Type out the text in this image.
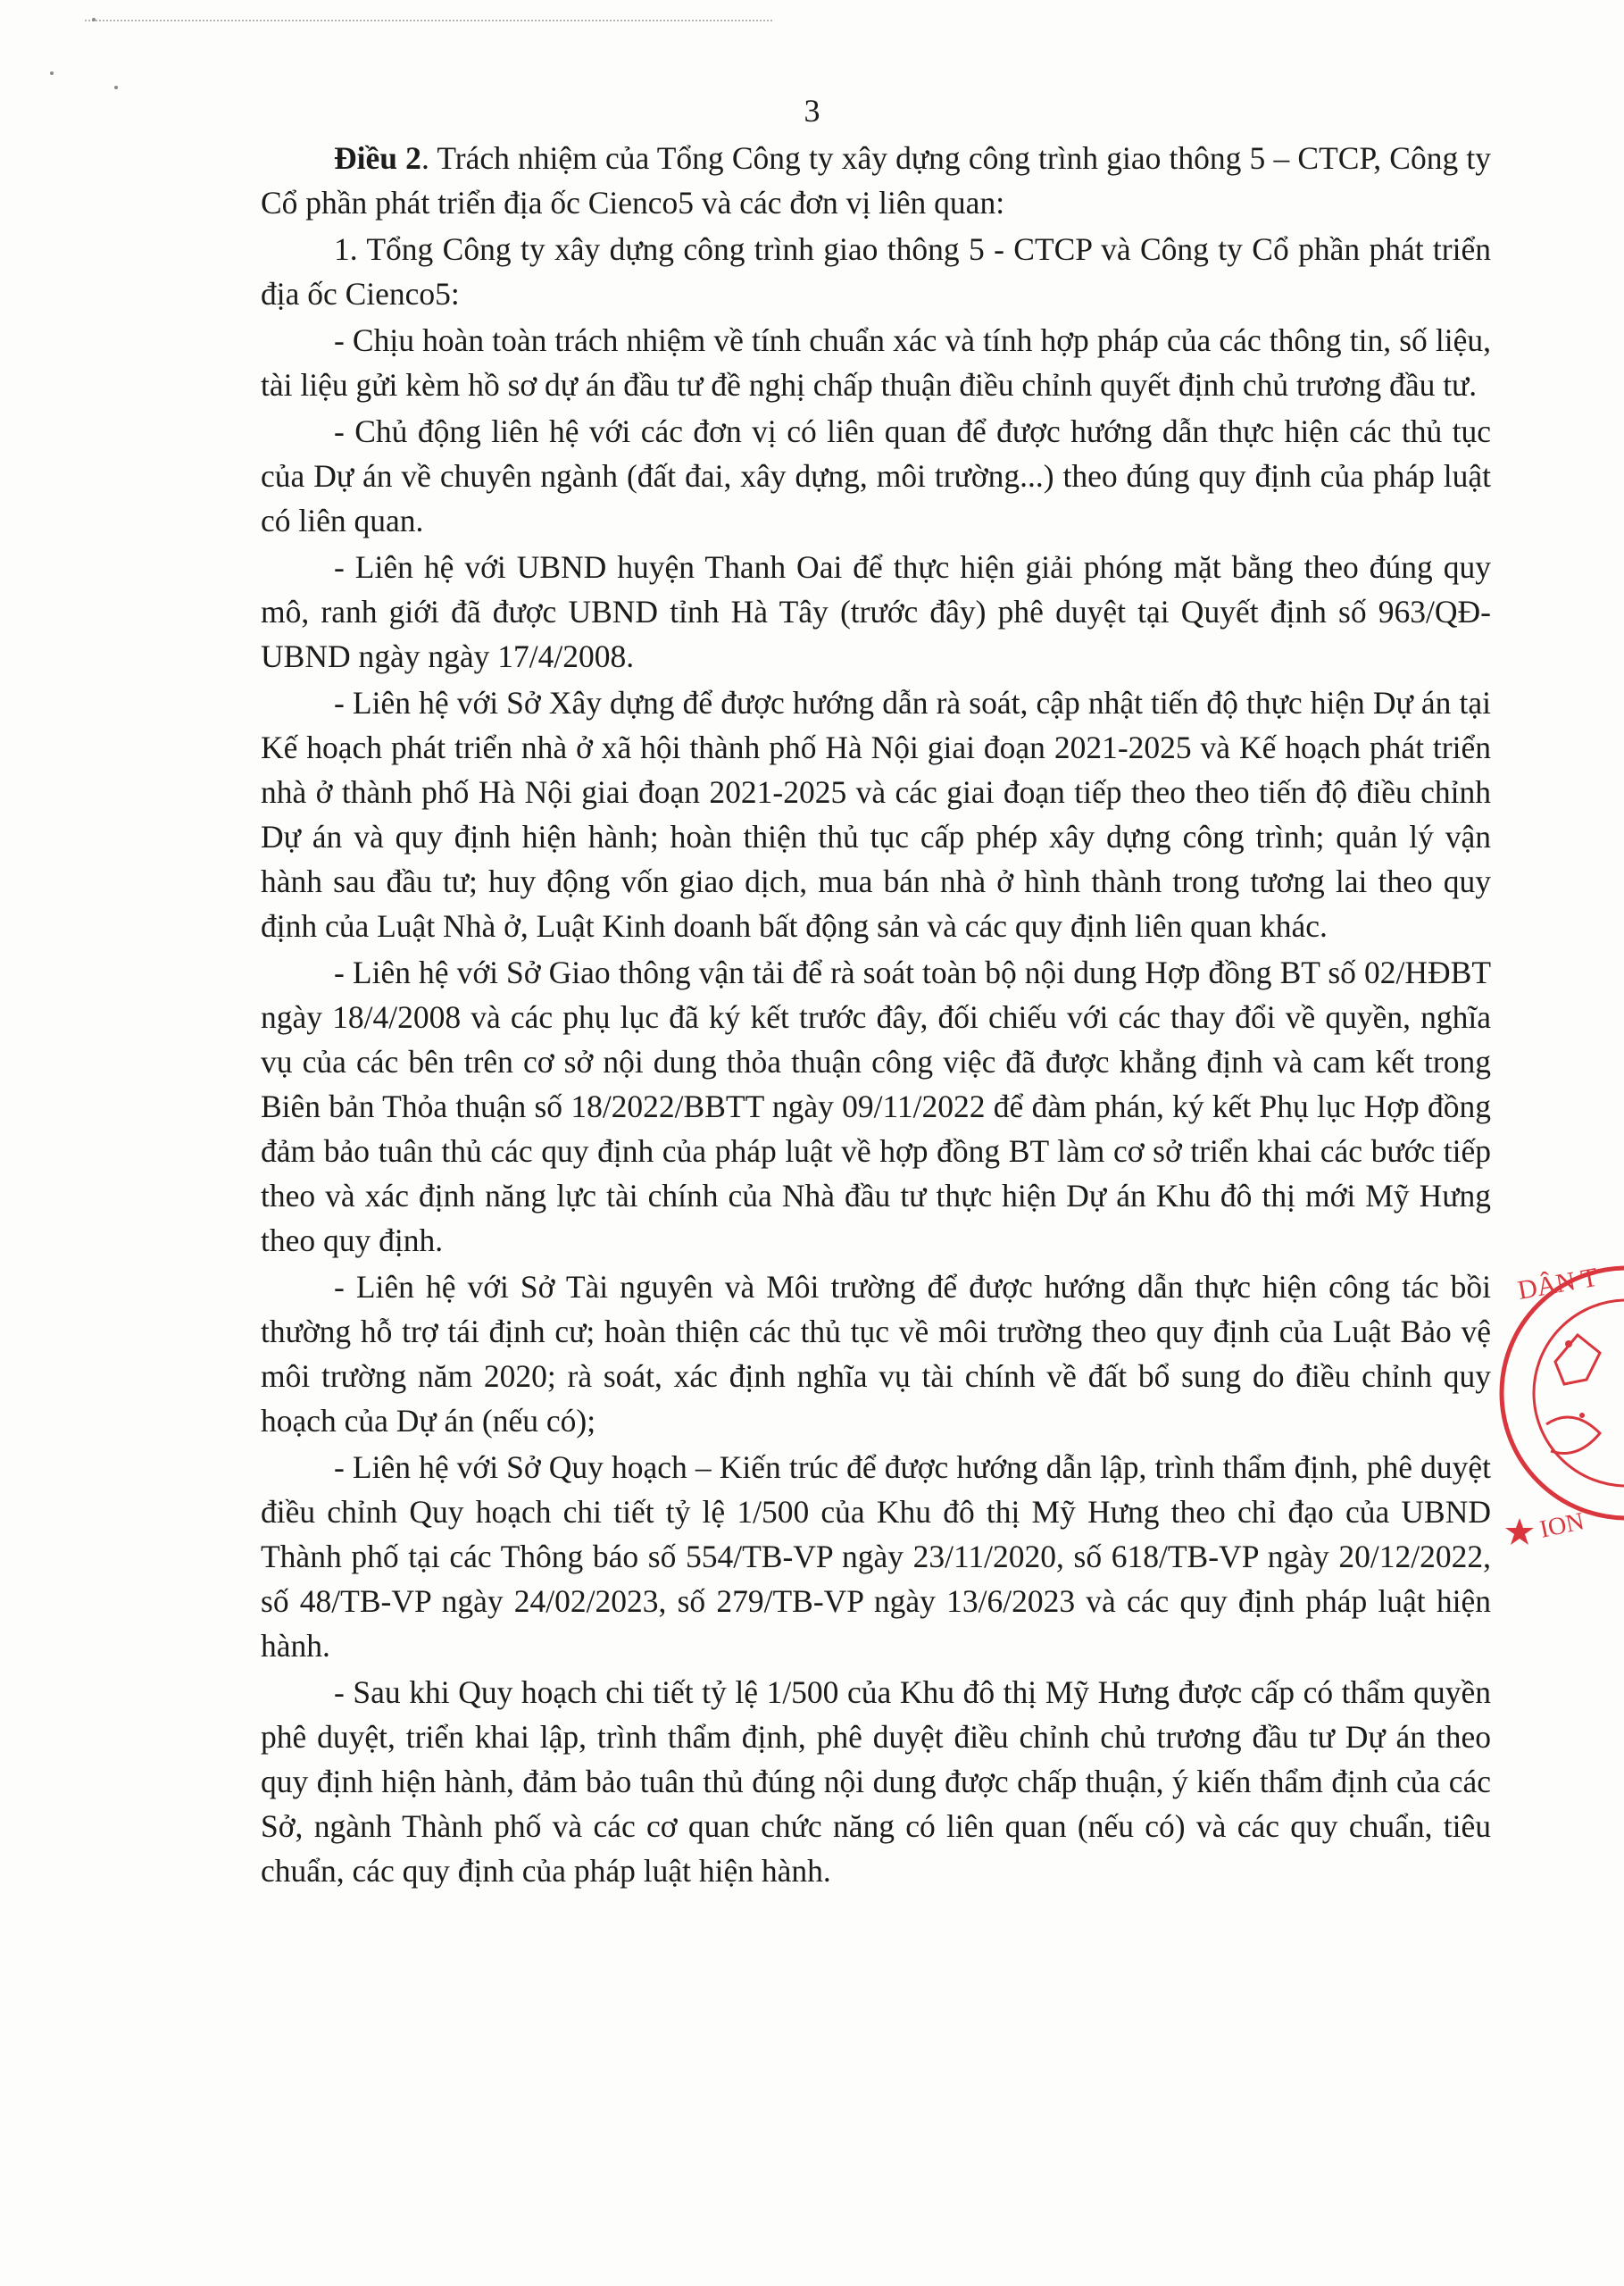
3

Điều 2. Trách nhiệm của Tổng Công ty xây dựng công trình giao thông 5 – CTCP, Công ty Cổ phần phát triển địa ốc Cienco5 và các đơn vị liên quan:

1. Tổng Công ty xây dựng công trình giao thông 5 - CTCP và Công ty Cổ phần phát triển địa ốc Cienco5:

- Chịu hoàn toàn trách nhiệm về tính chuẩn xác và tính hợp pháp của các thông tin, số liệu, tài liệu gửi kèm hồ sơ dự án đầu tư đề nghị chấp thuận điều chỉnh quyết định chủ trương đầu tư.

- Chủ động liên hệ với các đơn vị có liên quan để được hướng dẫn thực hiện các thủ tục của Dự án về chuyên ngành (đất đai, xây dựng, môi trường...) theo đúng quy định của pháp luật có liên quan.

- Liên hệ với UBND huyện Thanh Oai để thực hiện giải phóng mặt bằng theo đúng quy mô, ranh giới đã được UBND tỉnh Hà Tây (trước đây) phê duyệt tại Quyết định số 963/QĐ-UBND ngày ngày 17/4/2008.

- Liên hệ với Sở Xây dựng để được hướng dẫn rà soát, cập nhật tiến độ thực hiện Dự án tại Kế hoạch phát triển nhà ở xã hội thành phố Hà Nội giai đoạn 2021-2025 và Kế hoạch phát triển nhà ở thành phố Hà Nội giai đoạn 2021-2025 và các giai đoạn tiếp theo theo tiến độ điều chỉnh Dự án và quy định hiện hành; hoàn thiện thủ tục cấp phép xây dựng công trình; quản lý vận hành sau đầu tư; huy động vốn giao dịch, mua bán nhà ở hình thành trong tương lai theo quy định của Luật Nhà ở, Luật Kinh doanh bất động sản và các quy định liên quan khác.

- Liên hệ với Sở Giao thông vận tải để rà soát toàn bộ nội dung Hợp đồng BT số 02/HĐBT ngày 18/4/2008 và các phụ lục đã ký kết trước đây, đối chiếu với các thay đổi về quyền, nghĩa vụ của các bên trên cơ sở nội dung thỏa thuận công việc đã được khẳng định và cam kết trong Biên bản Thỏa thuận số 18/2022/BBTT ngày 09/11/2022 để đàm phán, ký kết Phụ lục Hợp đồng đảm bảo tuân thủ các quy định của pháp luật về hợp đồng BT làm cơ sở triển khai các bước tiếp theo và xác định năng lực tài chính của Nhà đầu tư thực hiện Dự án Khu đô thị mới Mỹ Hưng theo quy định.

- Liên hệ với Sở Tài nguyên và Môi trường để được hướng dẫn thực hiện công tác bồi thường hỗ trợ tái định cư; hoàn thiện các thủ tục về môi trường theo quy định của Luật Bảo vệ môi trường năm 2020; rà soát, xác định nghĩa vụ tài chính về đất bổ sung do điều chỉnh quy hoạch của Dự án (nếu có);

- Liên hệ với Sở Quy hoạch – Kiến trúc để được hướng dẫn lập, trình thẩm định, phê duyệt điều chỉnh Quy hoạch chi tiết tỷ lệ 1/500 của Khu đô thị Mỹ Hưng theo chỉ đạo của UBND Thành phố tại các Thông báo số 554/TB-VP ngày 23/11/2020, số 618/TB-VP ngày 20/12/2022, số 48/TB-VP ngày 24/02/2023, số 279/TB-VP ngày 13/6/2023 và các quy định pháp luật hiện hành.

- Sau khi Quy hoạch chi tiết tỷ lệ 1/500 của Khu đô thị Mỹ Hưng được cấp có thẩm quyền phê duyệt, triển khai lập, trình thẩm định, phê duyệt điều chỉnh chủ trương đầu tư Dự án theo quy định hiện hành, đảm bảo tuân thủ đúng nội dung được chấp thuận, ý kiến thẩm định của các Sở, ngành Thành phố và các cơ quan chức năng có liên quan (nếu có) và các quy chuẩn, tiêu chuẩn, các quy định của pháp luật hiện hành.

DÂN T
ION
